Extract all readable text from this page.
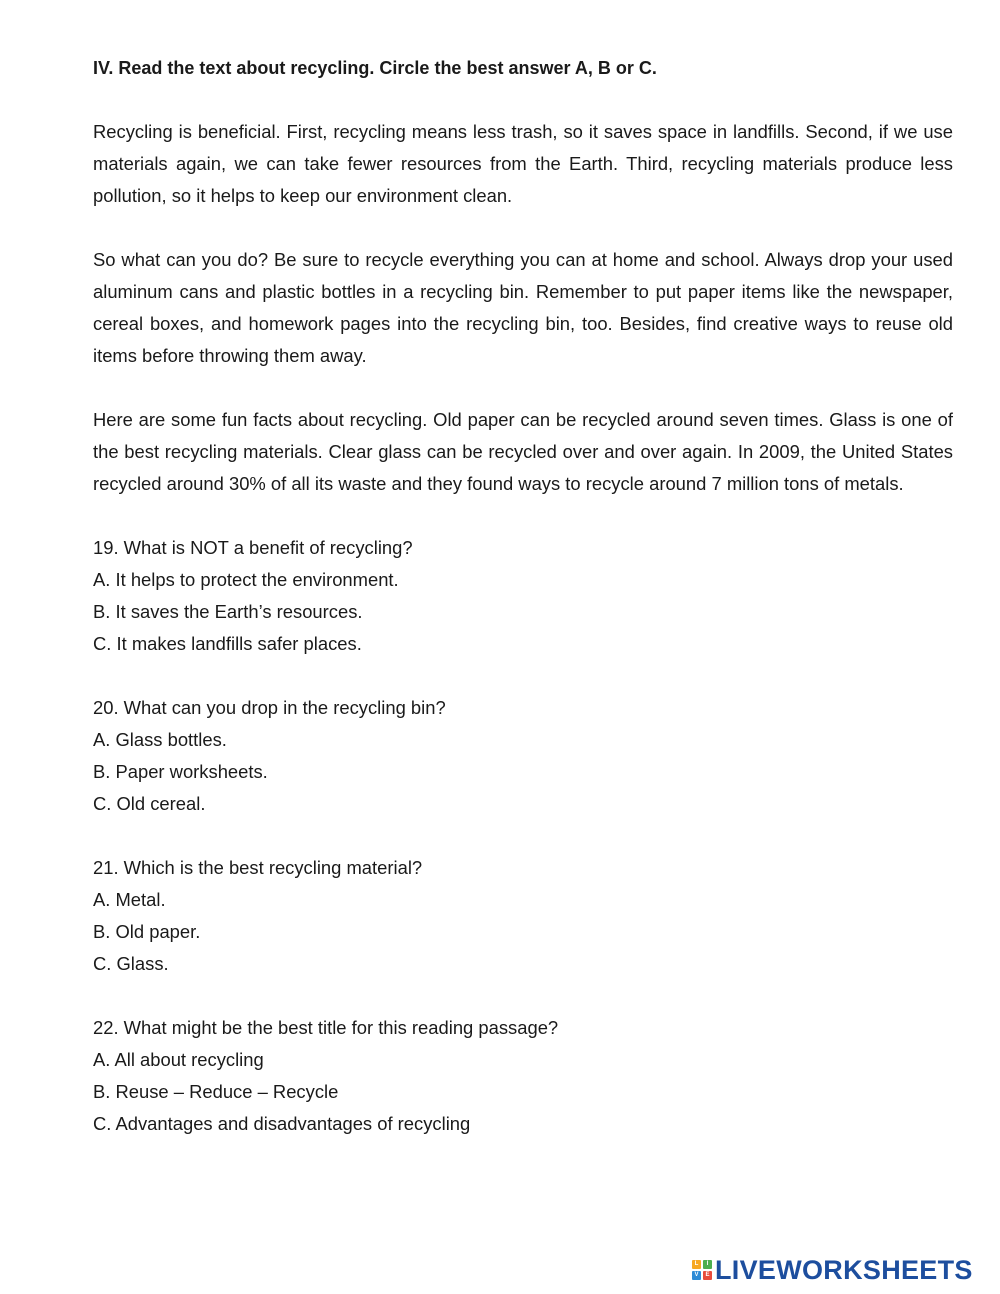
IV. Read the text about recycling. Circle the best answer A, B or C.
Recycling is beneficial. First, recycling means less trash, so it saves space in landfills. Second, if we use materials again, we can take fewer resources from the Earth. Third, recycling materials produce less pollution, so it helps to keep our environment clean.
So what can you do? Be sure to recycle everything you can at home and school. Always drop your used aluminum cans and plastic bottles in a recycling bin. Remember to put paper items like the newspaper, cereal boxes, and homework pages into the recycling bin, too. Besides, find creative ways to reuse old items before throwing them away.
Here are some fun facts about recycling. Old paper can be recycled around seven times. Glass is one of the best recycling materials. Clear glass can be recycled over and over again. In 2009, the United States recycled around 30% of all its waste and they found ways to recycle around 7 million tons of metals.
19. What is NOT a benefit of recycling?
A. It helps to protect the environment.
B. It saves the Earth’s resources.
C. It makes landfills safer places.
20. What can you drop in the recycling bin?
A. Glass bottles.
B. Paper worksheets.
C. Old cereal.
21. Which is the best recycling material?
A. Metal.
B. Old paper.
C. Glass.
22. What might be the best title for this reading passage?
A. All about recycling
B. Reuse – Reduce – Recycle
C. Advantages and disadvantages of recycling
L	I
V	E LIVEWORKSHEETS
